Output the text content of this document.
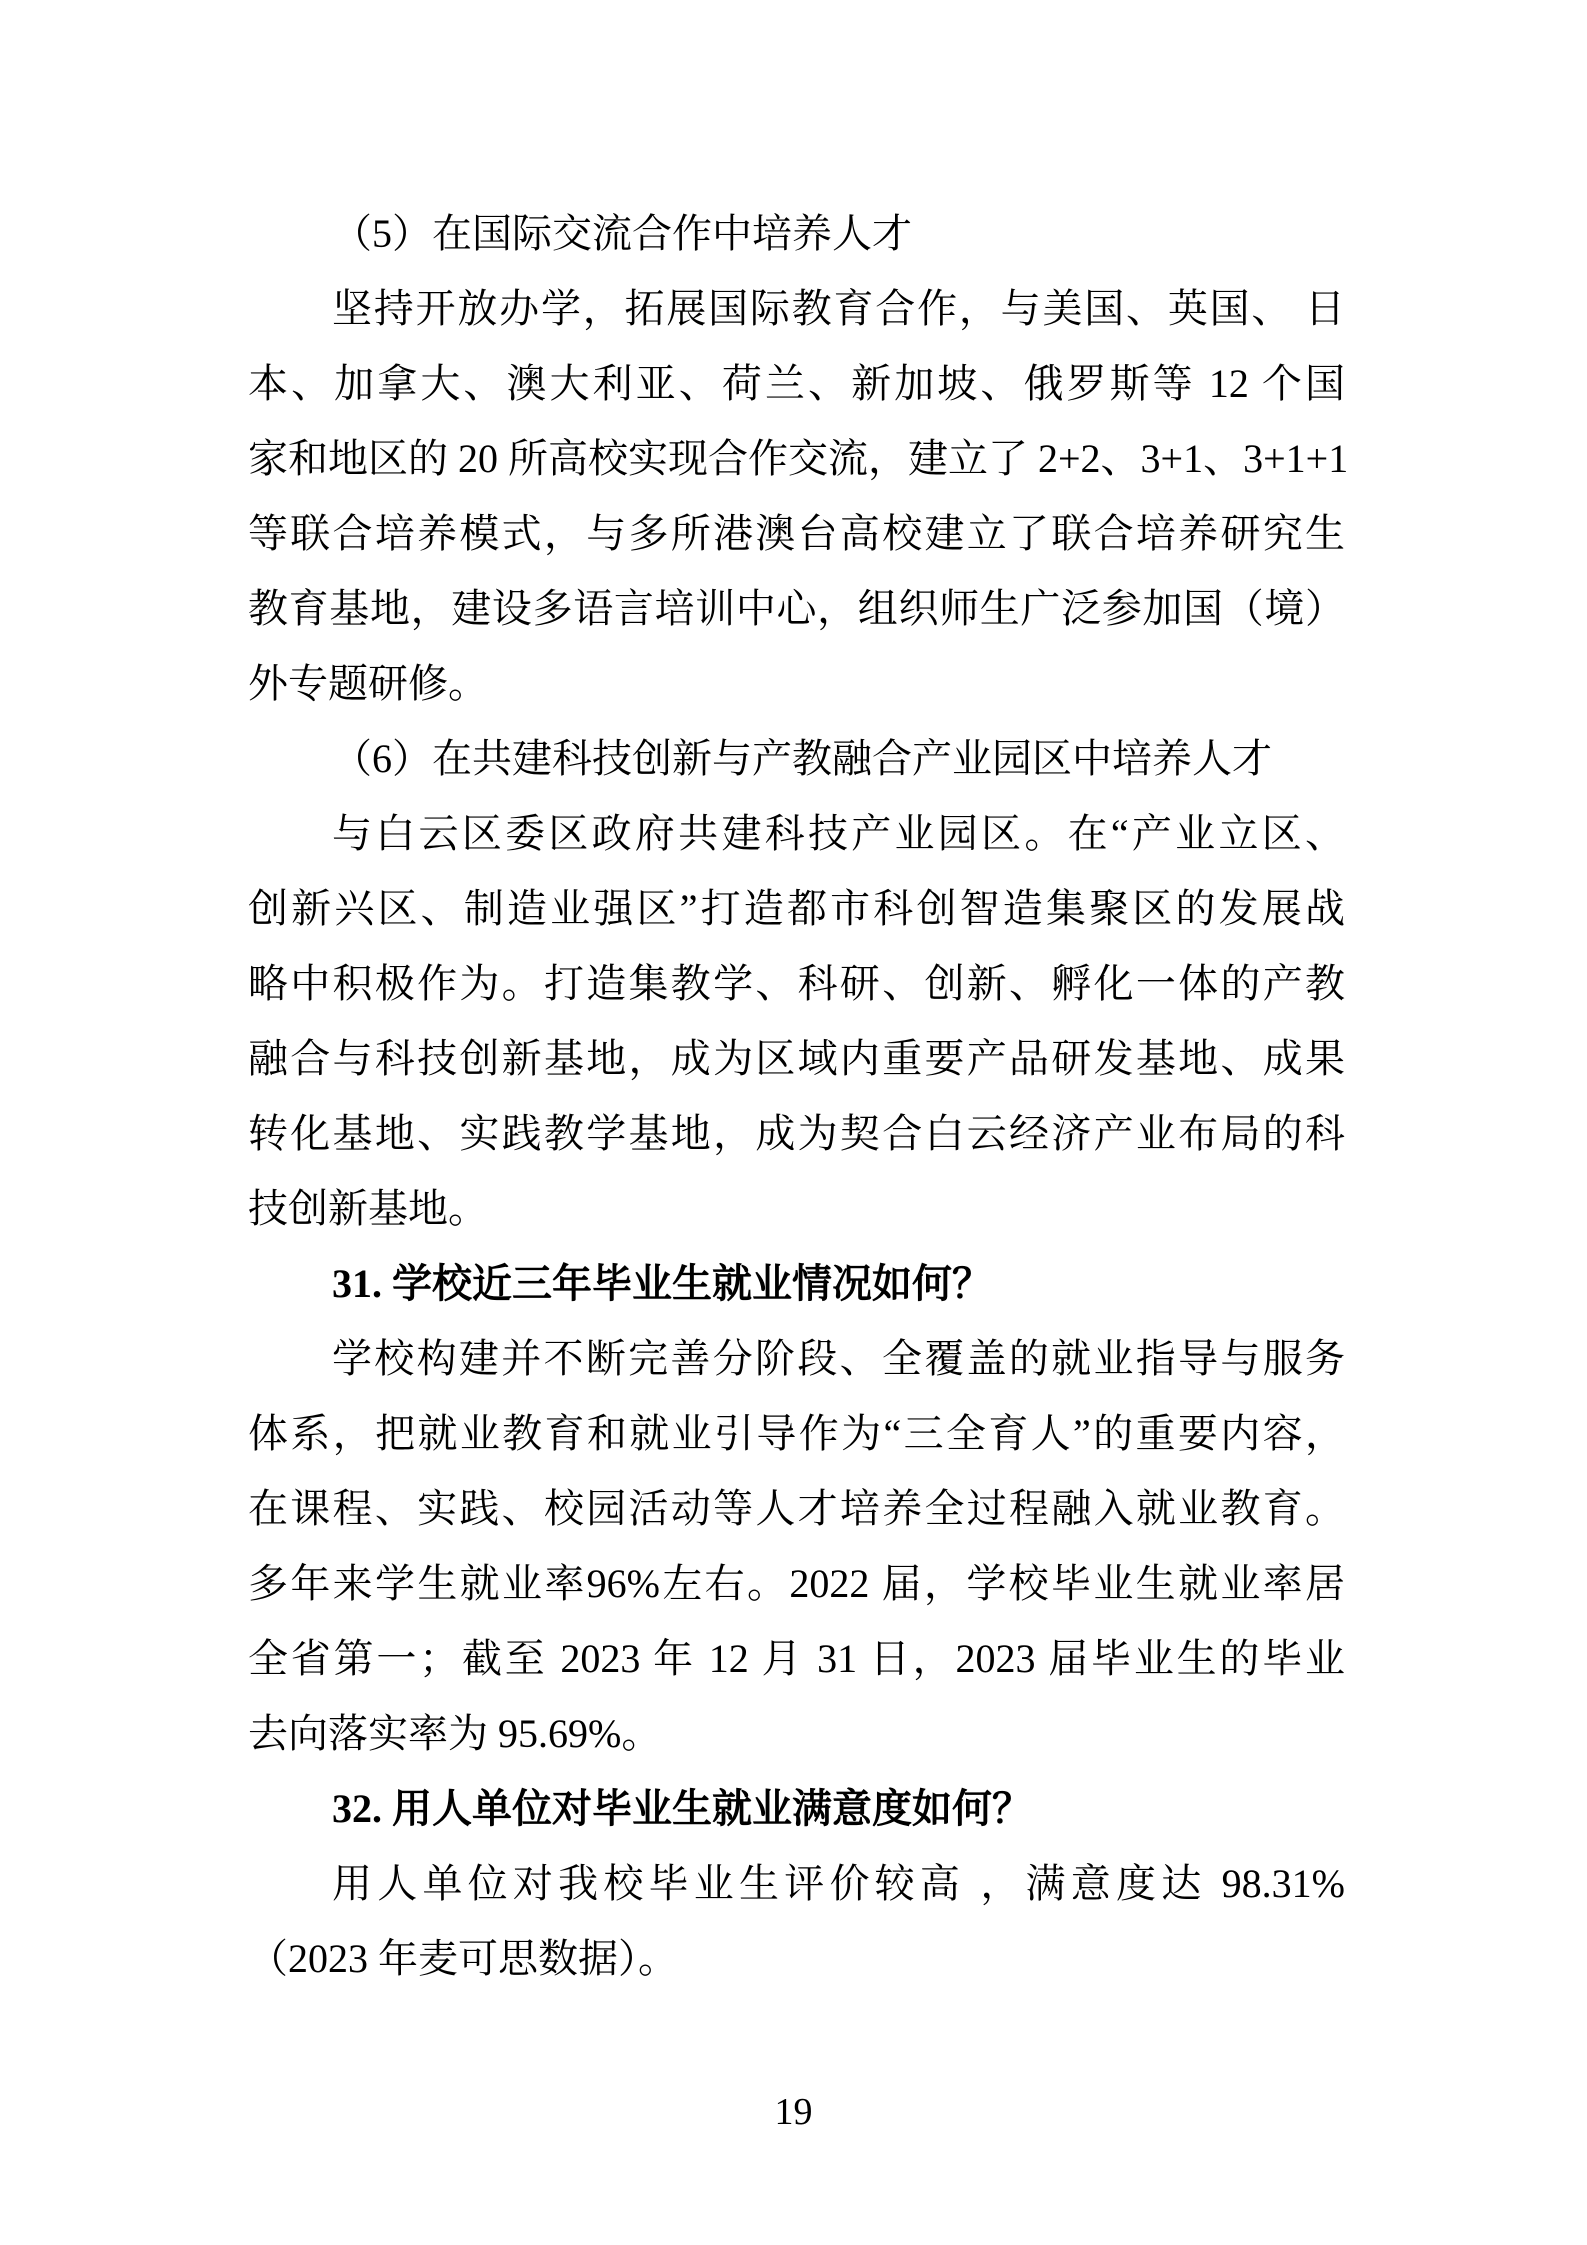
（5）在国际交流合作中培养人才
坚持开放办学，拓展国际教育合作，与美国、英国、 日
本、加拿大、澳大利亚、荷兰、新加坡、俄罗斯等 12 个国
家和地区的 20 所高校实现合作交流，建立了 2+2、3+1、3+1+1
等联合培养模式，与多所港澳台高校建立了联合培养研究生
教育基地，建设多语言培训中心，组织师生广泛参加国（境）
外专题研修。
（6）在共建科技创新与产教融合产业园区中培养人才
与白云区委区政府共建科技产业园区。在“产业立区、
创新兴区、制造业强区”打造都市科创智造集聚区的发展战
略中积极作为。打造集教学、科研、创新、孵化一体的产教
融合与科技创新基地，成为区域内重要产品研发基地、成果
转化基地、实践教学基地，成为契合白云经济产业布局的科
技创新基地。
31. 学校近三年毕业生就业情况如何？
学校构建并不断完善分阶段、全覆盖的就业指导与服务
体系，把就业教育和就业引导作为“三全育人”的重要内容，
在课程、实践、校园活动等人才培养全过程融入就业教育。
多年来学生就业率96%左右。2022 届，学校毕业生就业率居
全省第一；截至 2023 年 12 月 31 日，2023 届毕业生的毕业
去向落实率为 95.69%。
32. 用人单位对毕业生就业满意度如何？
用人单位对我校毕业生评价较高 ，满意度达 98.31%
（2023 年麦可思数据）。
19
